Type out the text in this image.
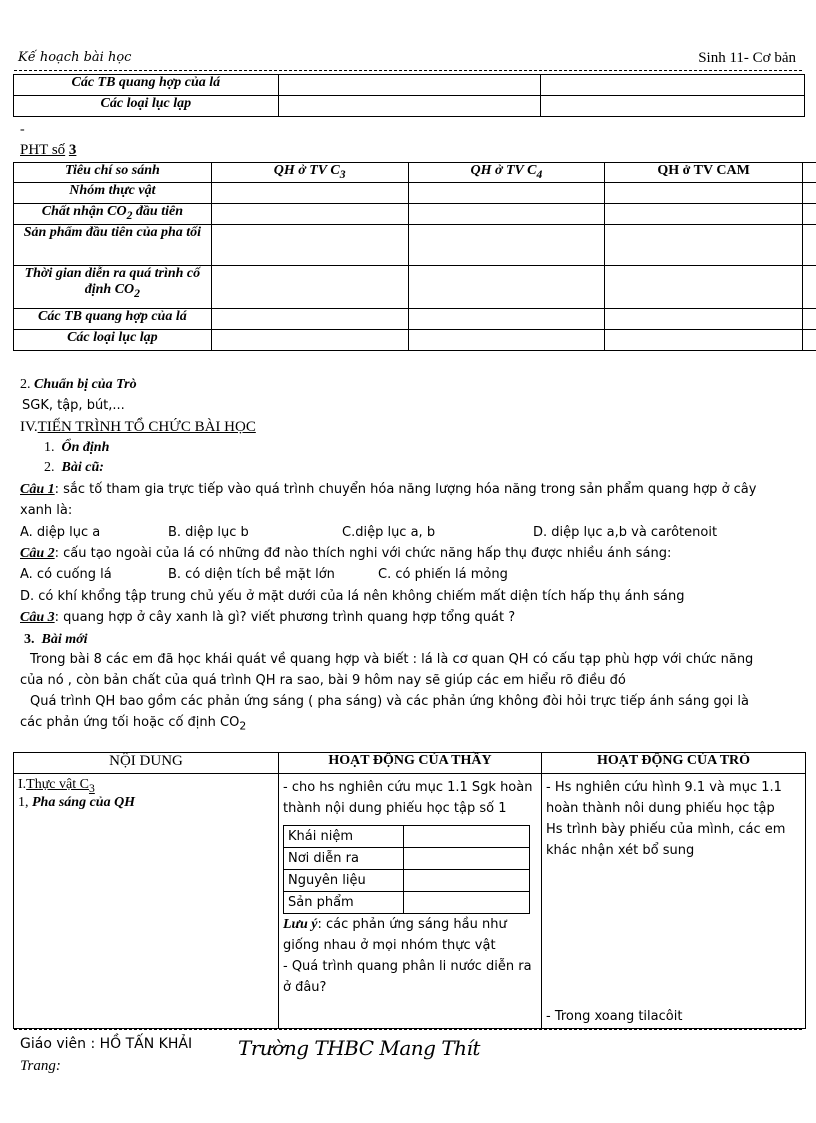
Kế hoạch bài học	Sinh 11- Cơ bản
Các TB quang hợp của lá		
Các loại lục lạp		
-
PHT số 3
Tiêu chí so sánh	QH ở TV $C_3$	QH ở TV $C_4$	QH ở TV CAM	
Nhóm thực vật				
Chất nhận $CO_2$ đầu tiên				
Sản phẩm đầu tiên của pha tối				
Thời gian diễn ra quá trình cố định $CO_2$				
Các TB quang hợp của lá				
Các loại lục lạp				
2. Chuẩn bị của Trò
SGK, tập, bút,...
IV.TIẾN TRÌNH TỔ CHỨC BÀI HỌC
1. Ổn định
2. Bài cũ:
Câu 1: sắc tố tham gia trực tiếp vào quá trình chuyển hóa năng lượng hóa năng trong sản phẩm quang hợp ở cây
xanh là:
A. diệp lục a	B. diệp lục b	C.diệp lục a, b	D. diệp lục a,b và carôtenoit
Câu 2: cấu tạo ngoài của lá có những đđ nào thích nghi với chức năng hấp thụ được nhiều ánh sáng:
A. có cuống lá	B. có diện tích bề mặt lớn	C. có phiến lá mỏng
D. có khí khổng tập trung chủ yếu ở mặt dưới của lá nên không chiếm mất diện tích hấp thụ ánh sáng
Câu 3: quang hợp ở cây xanh là gì? viết phương trình quang hợp tổng quát ?
3. Bài mới
Trong bài 8 các em đã học khái quát về quang hợp và biết : lá là cơ quan QH có cấu tạp phù hợp với chức năng
của nó , còn bản chất của quá trình QH ra sao, bài 9 hôm nay sẽ giúp các em hiểu rõ điều đó
Quá trình QH bao gồm các phản ứng sáng ( pha sáng) và các phản ứng không đòi hỏi trực tiếp ánh sáng gọi là
các phản ứng tối hoặc cố định $CO_2$
NỘI DUNG	HOẠT ĐỘNG CỦA THẦY	HOẠT ĐỘNG CỦA TRÒ

I.Thực vật $C_3$
1, Pha sáng của QH

- cho hs nghiên cứu mục 1.1 Sgk hoàn thành nội dung phiếu học tập số 1
Khái niệm	
Nơi diễn ra	
Nguyên liệu	
Sản phẩm	
Lưu ý: các phản ứng sáng hầu như giống nhau ở mọi nhóm thực vật
- Quá trình quang phân li nước diễn ra ở đâu?

- Hs nghiên cứu hình 9.1 và mục 1.1 hoàn thành nôi dung phiếu học tập
Hs trình bày phiếu của mình, các em khác nhận xét bổ sung
- Trong xoang tilacôit
Giáo viên : HỒ TẤN KHẢI Trường THBC Mang Thít
Trang:
